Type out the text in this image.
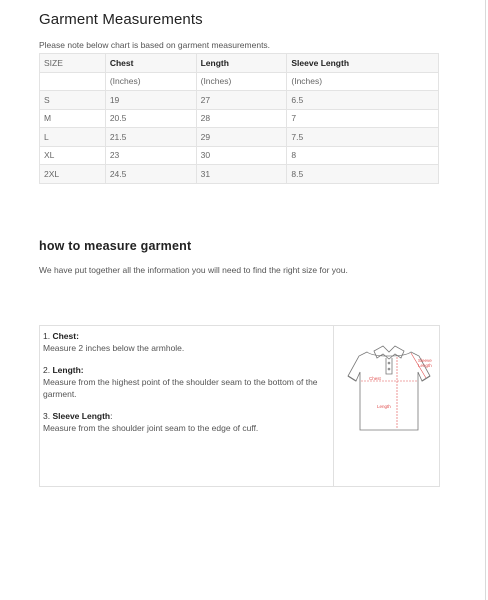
Garment Measurements
Please note below chart is based on garment measurements.
SIZE	Chest	Length	Sleeve Length
	(Inches)	(Inches)	(Inches)
S	19	27	6.5
M	20.5	28	7
L	21.5	29	7.5
XL	23	30	8
2XL	24.5	31	8.5
how to measure garment
We have put together all the information you will need to find the right size for you.
1. Chest:
Measure 2 inches below the armhole.
2. Length:
Measure from the highest point of the shoulder seam to the bottom of the garment.
3. Sleeve Length:
Measure from the shoulder joint seam to the edge of cuff.
Sleeve
Length
Chest
Length
